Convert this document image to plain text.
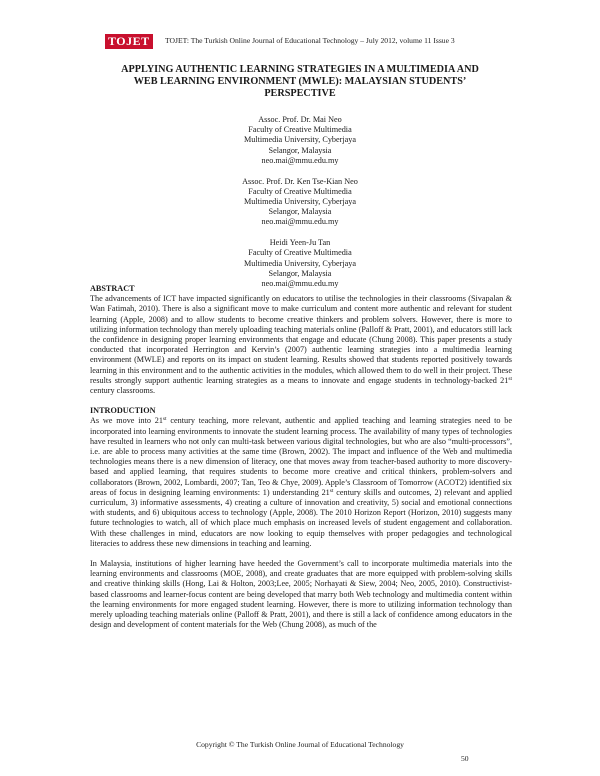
TOJET	TOJET: The Turkish Online Journal of Educational Technology – July 2012, volume 11 Issue 3
APPLYING AUTHENTIC LEARNING STRATEGIES IN A MULTIMEDIA AND
WEB LEARNING ENVIRONMENT (MWLE): MALAYSIAN STUDENTS’
PERSPECTIVE
Assoc. Prof. Dr. Mai Neo
Faculty of Creative Multimedia
Multimedia University, Cyberjaya
Selangor, Malaysia
neo.mai@mmu.edu.my
Assoc. Prof. Dr. Ken Tse-Kian Neo
Faculty of Creative Multimedia
Multimedia University, Cyberjaya
Selangor, Malaysia
neo.mai@mmu.edu.my
Heidi Yeen-Ju Tan
Faculty of Creative Multimedia
Multimedia University, Cyberjaya
Selangor, Malaysia
neo.mai@mmu.edu.my

ABSTRACT

The advancements of ICT have impacted significantly on educators to utilise the technologies in their classrooms (Sivapalan & Wan Fatimah, 2010). There is also a significant move to make curriculum and content more authentic and relevant for student learning (Apple, 2008) and to allow students to become creative thinkers and problem solvers. However, there is more to utilizing information technology than merely uploading teaching materials online (Palloff & Pratt, 2001), and educators still lack the confidence in designing proper learning environments that engage and educate (Chung 2008). This paper presents a study conducted that incorporated Herrington and Kervin’s (2007) authentic learning strategies into a multimedia learning environment (MWLE) and reports on its impact on student learning. Results showed that students reported positively towards learning in this environment and to the authentic activities in the modules, which allowed them to do well in their project. These results strongly support authentic learning strategies as a means to innovate and engage students in technology-backed 21st century classrooms.

INTRODUCTION

As we move into 21st century teaching, more relevant, authentic and applied teaching and learning strategies need to be incorporated into learning environments to innovate the student learning process. The availability of many types of technologies have resulted in learners who not only can multi-task between various digital technologies, but who are also “multi-processors”, i.e. are able to process many activities at the same time (Brown, 2002). The impact and influence of the Web and multimedia technologies means there is a new dimension of literacy, one that moves away from teacher-based authority to more discovery-based and applied learning, that requires students to become more creative and critical thinkers, problem-solvers and collaborators (Brown, 2002, Lombardi, 2007; Tan, Teo & Chye, 2009). Apple’s Classroom of Tomorrow (ACOT2) identified six areas of focus in designing learning environments: 1) understanding 21st century skills and outcomes, 2) relevant and applied curriculum, 3) informative assessments, 4) creating a culture of innovation and creativity, 5) social and emotional connections with students, and 6) ubiquitous access to technology (Apple, 2008). The 2010 Horizon Report (Horizon, 2010) suggests many future technologies to watch, all of which place much emphasis on increased levels of student engagement and collaboration. With these challenges in mind, educators are now looking to equip themselves with proper pedagogies and technological literacies to address these new dimensions in teaching and learning.

In Malaysia, institutions of higher learning have heeded the Government’s call to incorporate multimedia materials into the learning environments and classrooms (MOE, 2008), and create graduates that are more equipped with problem-solving skills and creative thinking skills (Hong, Lai & Holton, 2003;Lee, 2005; Norhayati & Siew, 2004; Neo, 2005, 2010). Constructivist-based classrooms and learner-focus content are being developed that marry both Web technology and multimedia content within the learning environments for more engaged student learning. However, there is more to utilizing information technology than merely uploading teaching materials online (Palloff & Pratt, 2001), and there is still a lack of confidence among educators in the design and development of content materials for the Web (Chung 2008), as much of the

Copyright © The Turkish Online Journal of Educational Technology
50
